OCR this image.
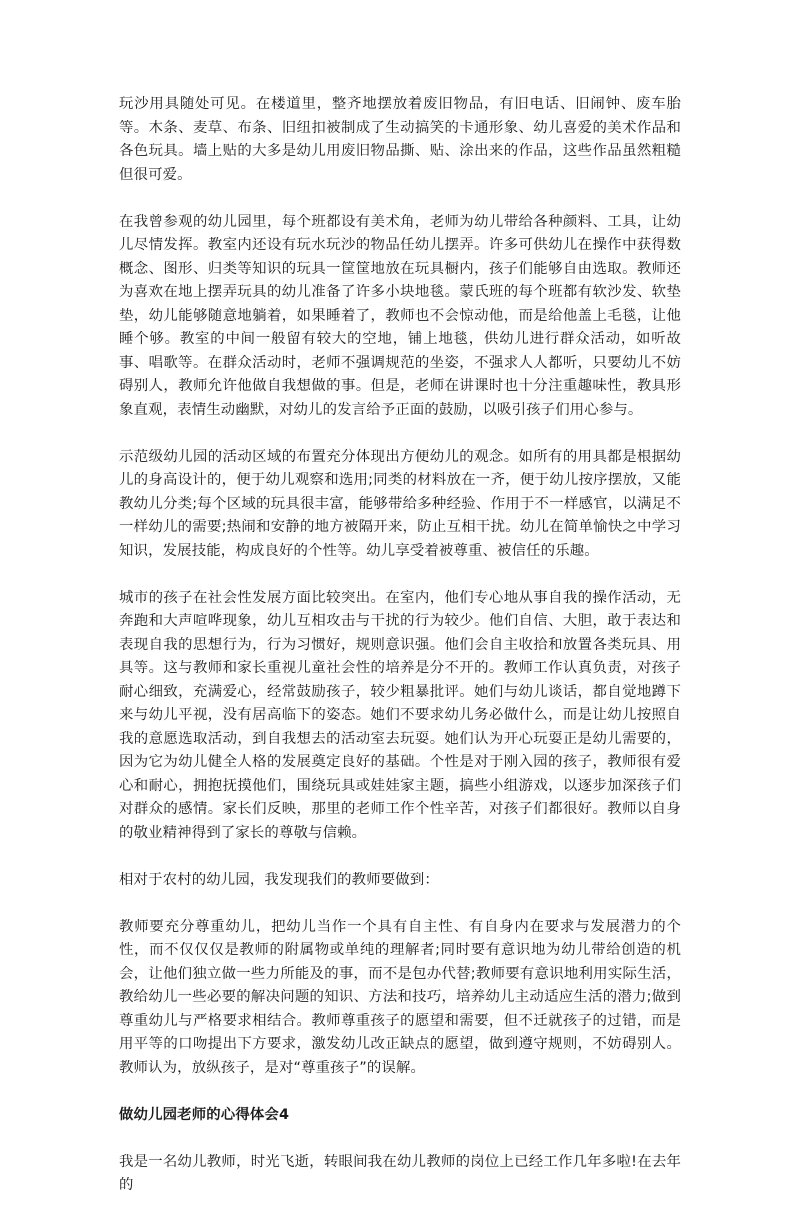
玩沙用具随处可见。在楼道里，整齐地摆放着废旧物品，有旧电话、旧闹钟、废车胎等。木条、麦草、布条、旧纽扣被制成了生动搞笑的卡通形象、幼儿喜爱的美术作品和各色玩具。墙上贴的大多是幼儿用废旧物品撕、贴、涂出来的作品，这些作品虽然粗糙但很可爱。

在我曾参观的幼儿园里，每个班都设有美术角，老师为幼儿带给各种颜料、工具，让幼儿尽情发挥。教室内还设有玩水玩沙的物品任幼儿摆弄。许多可供幼儿在操作中获得数概念、图形、归类等知识的玩具一筐筐地放在玩具橱内，孩子们能够自由选取。教师还为喜欢在地上摆弄玩具的幼儿准备了许多小块地毯。蒙氏班的每个班都有软沙发、软垫垫，幼儿能够随意地躺着，如果睡着了，教师也不会惊动他，而是给他盖上毛毯，让他睡个够。教室的中间一般留有较大的空地，铺上地毯，供幼儿进行群众活动，如听故事、唱歌等。在群众活动时，老师不强调规范的坐姿，不强求人人都听，只要幼儿不妨碍别人，教师允许他做自我想做的事。但是，老师在讲课时也十分注重趣味性，教具形象直观，表情生动幽默，对幼儿的发言给予正面的鼓励，以吸引孩子们用心参与。

示范级幼儿园的活动区域的布置充分体现出方便幼儿的观念。如所有的用具都是根据幼儿的身高设计的，便于幼儿观察和选用;同类的材料放在一齐，便于幼儿按序摆放，又能教幼儿分类;每个区域的玩具很丰富，能够带给多种经验、作用于不一样感官，以满足不一样幼儿的需要;热闹和安静的地方被隔开来，防止互相干扰。幼儿在简单愉快之中学习知识，发展技能，构成良好的个性等。幼儿享受着被尊重、被信任的乐趣。

城市的孩子在社会性发展方面比较突出。在室内，他们专心地从事自我的操作活动，无奔跑和大声喧哗现象，幼儿互相攻击与干扰的行为较少。他们自信、大胆，敢于表达和表现自我的思想行为，行为习惯好，规则意识强。他们会自主收拾和放置各类玩具、用具等。这与教师和家长重视儿童社会性的培养是分不开的。教师工作认真负责，对孩子耐心细致，充满爱心，经常鼓励孩子，较少粗暴批评。她们与幼儿谈话，都自觉地蹲下来与幼儿平视，没有居高临下的姿态。她们不要求幼儿务必做什么，而是让幼儿按照自我的意愿选取活动，到自我想去的活动室去玩耍。她们认为开心玩耍正是幼儿需要的，因为它为幼儿健全人格的发展奠定良好的基础。个性是对于刚入园的孩子，教师很有爱心和耐心，拥抱抚摸他们，围绕玩具或娃娃家主题，搞些小组游戏，以逐步加深孩子们对群众的感情。家长们反映，那里的老师工作个性辛苦，对孩子们都很好。教师以自身的敬业精神得到了家长的尊敬与信赖。

相对于农村的幼儿园，我发现我们的教师要做到：

教师要充分尊重幼儿，把幼儿当作一个具有自主性、有自身内在要求与发展潜力的个性，而不仅仅仅是教师的附属物或单纯的理解者;同时要有意识地为幼儿带给创造的机会，让他们独立做一些力所能及的事，而不是包办代替;教师要有意识地利用实际生活，教给幼儿一些必要的解决问题的知识、方法和技巧，培养幼儿主动适应生活的潜力;做到尊重幼儿与严格要求相结合。教师尊重孩子的愿望和需要，但不迁就孩子的过错，而是用平等的口吻提出下方要求，激发幼儿改正缺点的愿望，做到遵守规则，不妨碍别人。教师认为，放纵孩子，是对“尊重孩子”的误解。

做幼儿园老师的心得体会4

我是一名幼儿教师，时光飞逝，转眼间我在幼儿教师的岗位上已经工作几年多啦!在去年的
